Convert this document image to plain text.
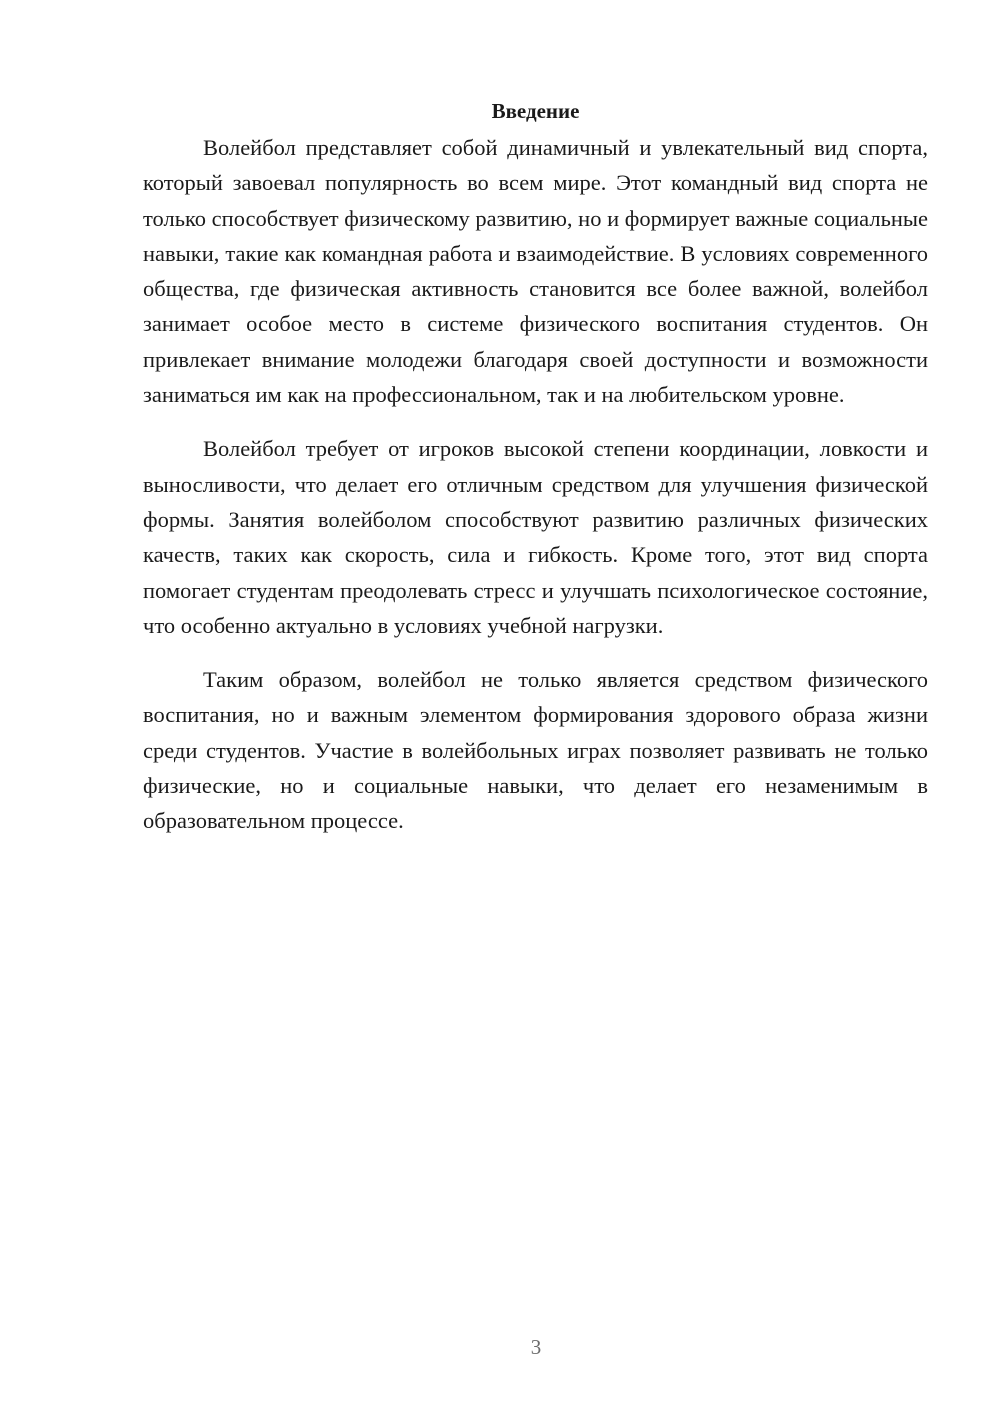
Введение

Волейбол представляет собой динамичный и увлекательный вид спорта, который завоевал популярность во всем мире. Этот командный вид спорта не только способствует физическому развитию, но и формирует важные социальные навыки, такие как командная работа и взаимодействие. В условиях современного общества, где физическая активность становится все более важной, волейбол занимает особое место в системе физического воспитания студентов. Он привлекает внимание молодежи благодаря своей доступности и возможности заниматься им как на профессиональном, так и на любительском уровне.

Волейбол требует от игроков высокой степени координации, ловкости и выносливости, что делает его отличным средством для улучшения физической формы. Занятия волейболом способствуют развитию различных физических качеств, таких как скорость, сила и гибкость. Кроме того, этот вид спорта помогает студентам преодолевать стресс и улучшать психологическое состояние, что особенно актуально в условиях учебной нагрузки.

Таким образом, волейбол не только является средством физического воспитания, но и важным элементом формирования здорового образа жизни среди студентов. Участие в волейбольных играх позволяет развивать не только физические, но и социальные навыки, что делает его незаменимым в образовательном процессе.

3
